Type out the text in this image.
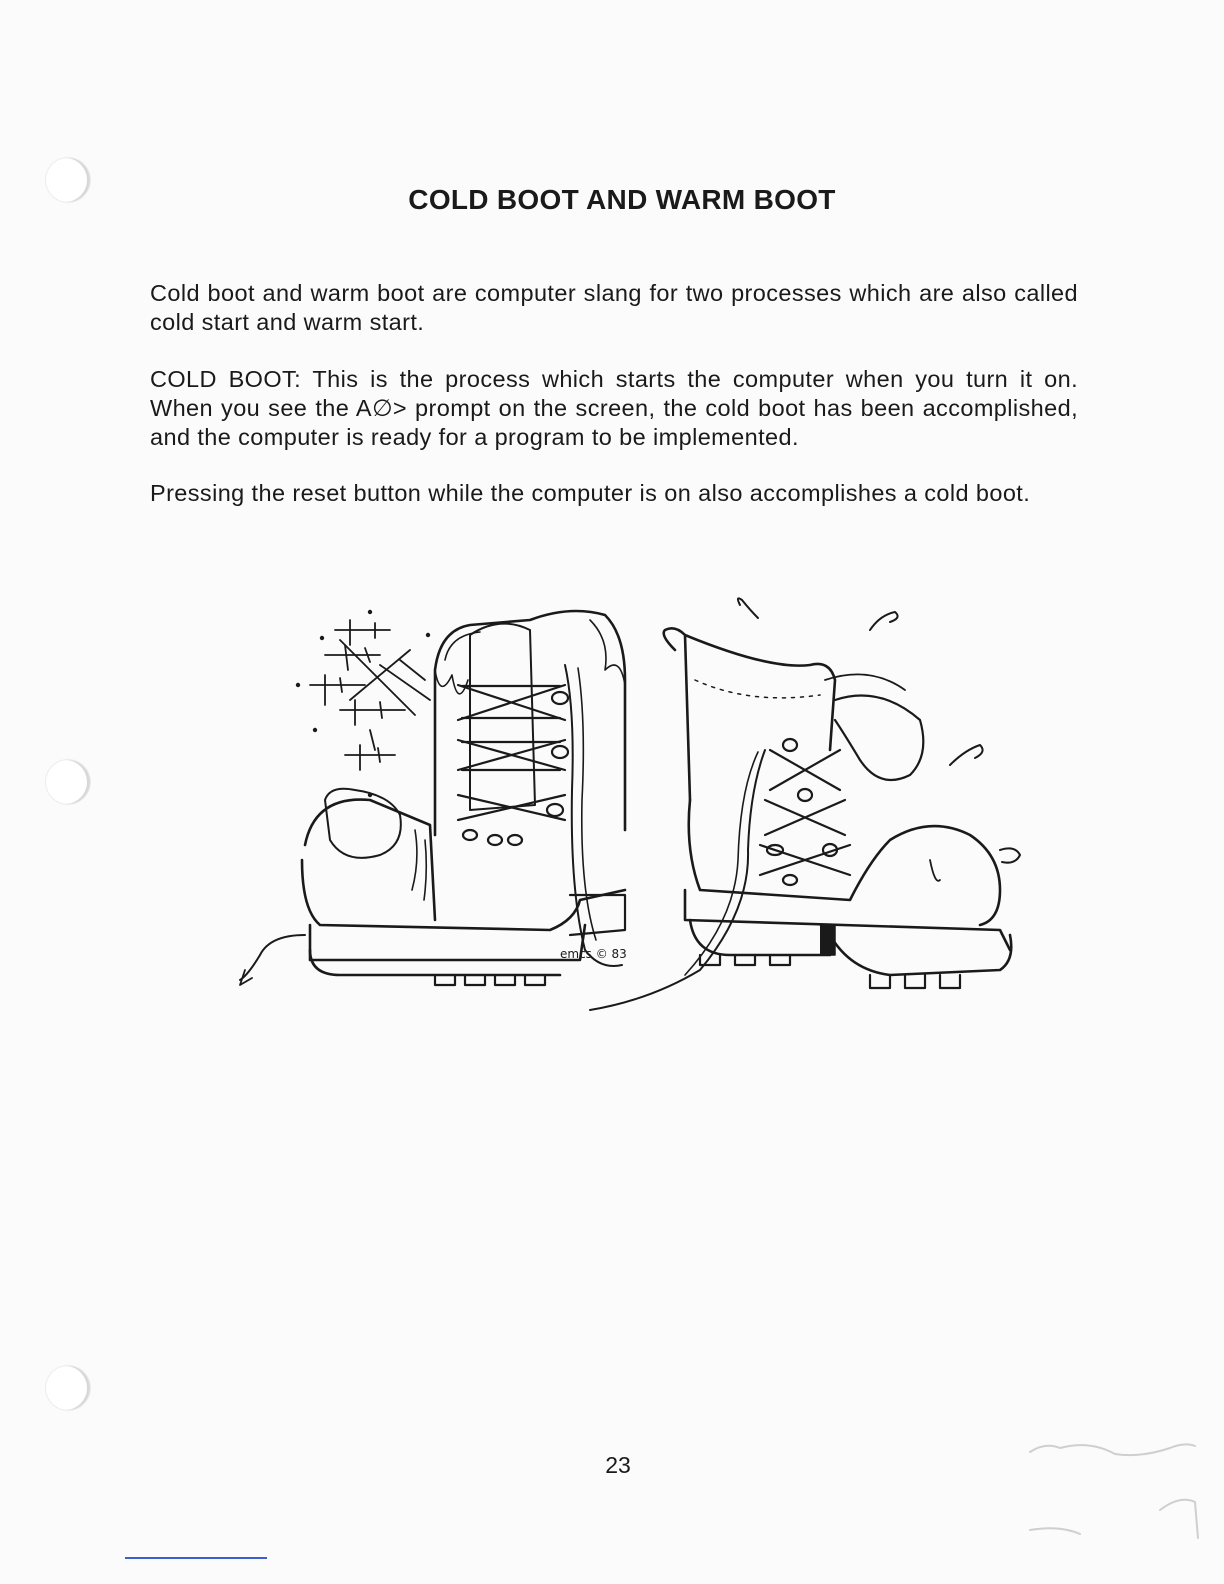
COLD BOOT AND WARM BOOT

Cold boot and warm boot are computer slang for two processes which are also called cold start and warm start.

COLD BOOT: This is the process which starts the computer when you turn it on. When you see the A∅> prompt on the screen, the cold boot has been accomplished, and the computer is ready for a program to be implemented.

Pressing the reset button while the computer is on also accomplishes a cold boot.

emcs © 83

23
